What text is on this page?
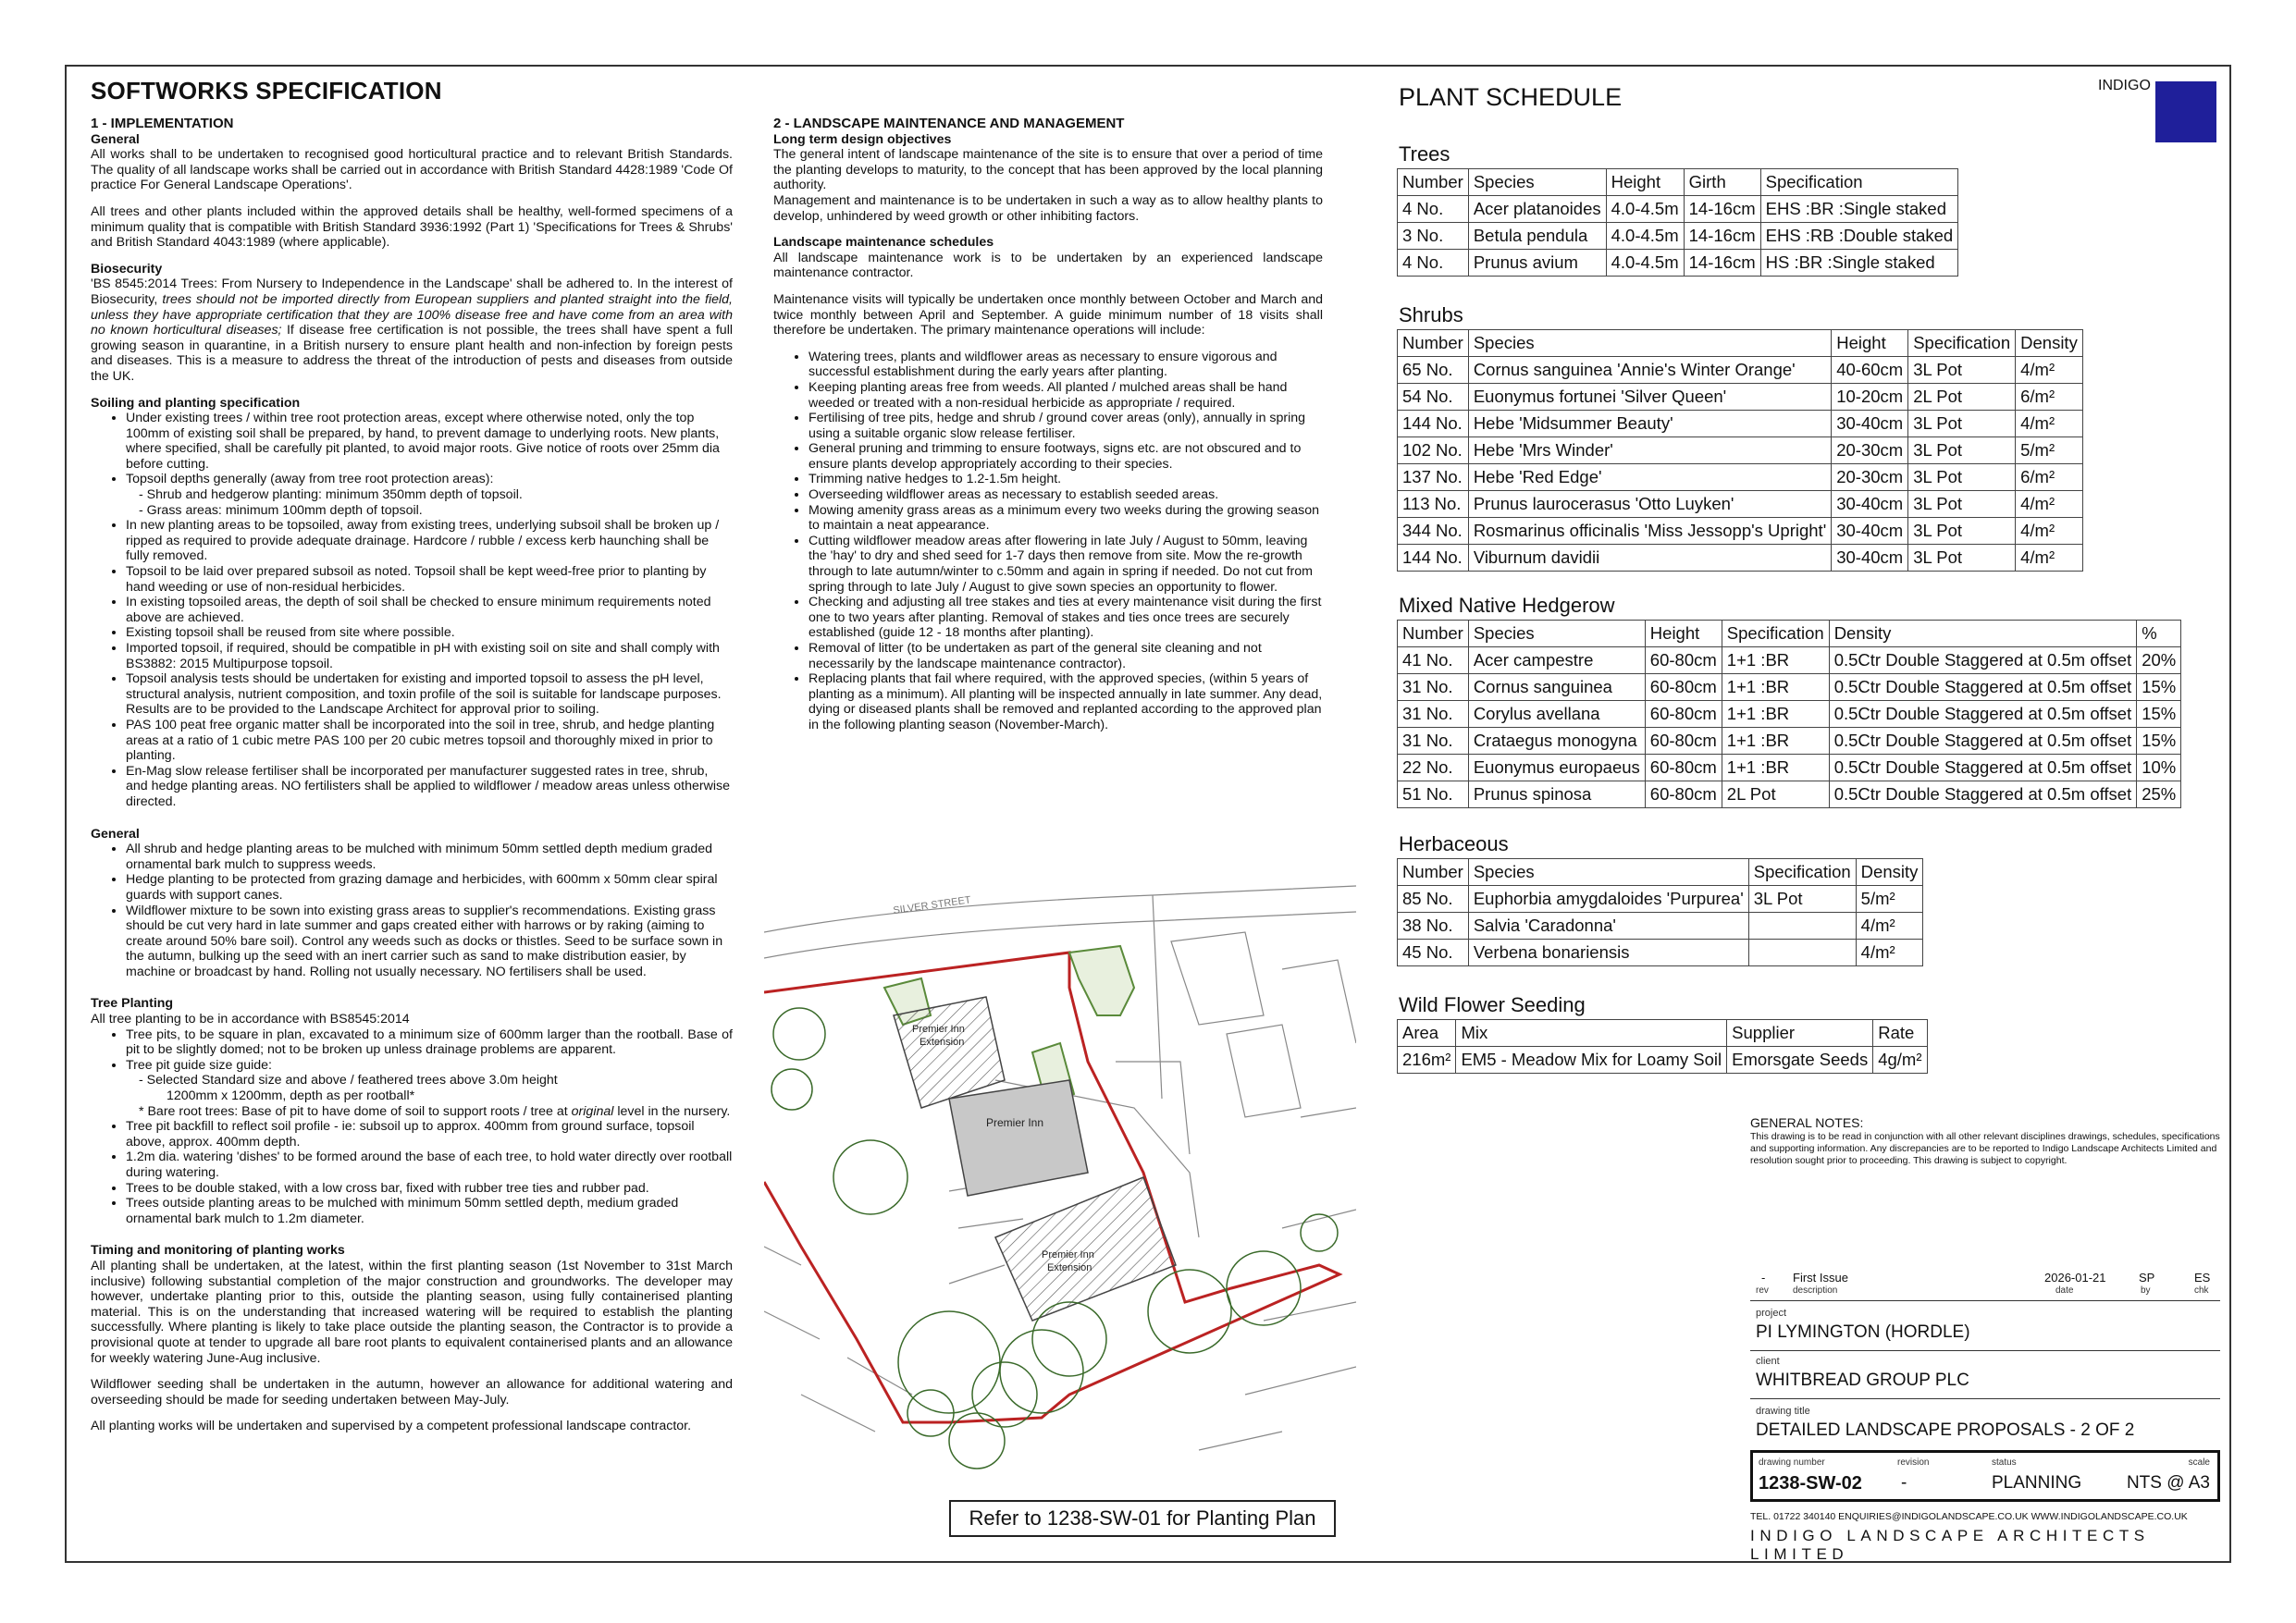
SOFTWORKS SPECIFICATION
1 - IMPLEMENTATION
General

All works shall to be undertaken to recognised good horticultural practice and to relevant British Standards. The quality of all landscape works shall be carried out in accordance with British Standard 4428:1989 'Code Of practice For General Landscape Operations'.

All trees and other plants included within the approved details shall be healthy, well-formed specimens of a minimum quality that is compatible with British Standard 3936:1992 (Part 1) 'Specifications for Trees & Shrubs' and British Standard 4043:1989 (where applicable).

Biosecurity

'BS 8545:2014 Trees: From Nursery to Independence in the Landscape' shall be adhered to. In the interest of Biosecurity, trees should not be imported directly from European suppliers and planted straight into the field, unless they have appropriate certification that they are 100% disease free and have come from an area with no known horticultural diseases; If disease free certification is not possible, the trees shall have spent a full growing season in quarantine, in a British nursery to ensure plant health and non-infection by foreign pests and diseases. This is a measure to address the threat of the introduction of pests and diseases from outside the UK.

Soiling and planting specification
• Under existing trees / within tree root protection areas, except where otherwise noted, only the top 100mm of existing soil shall be prepared, by hand, to prevent damage to underlying roots. New plants, where specified, shall be carefully pit planted, to avoid major roots. Give notice of roots over 25mm dia before cutting.
• Topsoil depths generally (away from tree root protection areas):
- Shrub and hedgerow planting: minimum 350mm depth of topsoil.
- Grass areas: minimum 100mm depth of topsoil.
• In new planting areas to be topsoiled, away from existing trees, underlying subsoil shall be broken up / ripped as required to provide adequate drainage. Hardcore / rubble / excess kerb haunching shall be fully removed.
• Topsoil to be laid over prepared subsoil as noted. Topsoil shall be kept weed-free prior to planting by hand weeding or use of non-residual herbicides.
• In existing topsoiled areas, the depth of soil shall be checked to ensure minimum requirements noted above are achieved.
• Existing topsoil shall be reused from site where possible.
• Imported topsoil, if required, should be compatible in pH with existing soil on site and shall comply with BS3882: 2015 Multipurpose topsoil.
• Topsoil analysis tests should be undertaken for existing and imported topsoil to assess the pH level, structural analysis, nutrient composition, and toxin profile of the soil is suitable for landscape purposes. Results are to be provided to the Landscape Architect for approval prior to soiling.
• PAS 100 peat free organic matter shall be incorporated into the soil in tree, shrub, and hedge planting areas at a ratio of 1 cubic metre PAS 100 per 20 cubic metres topsoil and thoroughly mixed in prior to planting.
• En-Mag slow release fertiliser shall be incorporated per manufacturer suggested rates in tree, shrub, and hedge planting areas. NO fertilisters shall be applied to wildflower / meadow areas unless otherwise directed.
General
• All shrub and hedge planting areas to be mulched with minimum 50mm settled depth medium graded ornamental bark mulch to suppress weeds.
• Hedge planting to be protected from grazing damage and herbicides, with 600mm x 50mm clear spiral guards with support canes.
• Wildflower mixture to be sown into existing grass areas to supplier's recommendations. Existing grass should be cut very hard in late summer and gaps created either with harrows or by raking (aiming to create around 50% bare soil). Control any weeds such as docks or thistles. Seed to be surface sown in the autumn, bulking up the seed with an inert carrier such as sand to make distribution easier, by machine or broadcast by hand. Rolling not usually necessary. NO fertilisers shall be used.
Tree Planting
All tree planting to be in accordance with BS8545:2014
• Tree pits, to be square in plan, excavated to a minimum size of 600mm larger than the rootball. Base of pit to be slightly domed; not to be broken up unless drainage problems are apparent.
• Tree pit guide size guide:
- Selected Standard size and above / feathered trees above 3.0m height
1200mm x 1200mm, depth as per rootball*
* Bare root trees: Base of pit to have dome of soil to support roots / tree at original level in the nursery.
• Tree pit backfill to reflect soil profile - ie: subsoil up to approx. 400mm from ground surface, topsoil above, approx. 400mm depth.
• 1.2m dia. watering 'dishes' to be formed around the base of each tree, to hold water directly over rootball during watering.
• Trees to be double staked, with a low cross bar, fixed with rubber tree ties and rubber pad.
• Trees outside planting areas to be mulched with minimum 50mm settled depth, medium graded ornamental bark mulch to 1.2m diameter.
Timing and monitoring of planting works

All planting shall be undertaken, at the latest, within the first planting season (1st November to 31st March inclusive) following substantial completion of the major construction and groundworks. The developer may however, undertake planting prior to this, outside the planting season, using fully containerised planting material. This is on the understanding that increased watering will be required to establish the planting successfully. Where planting is likely to take place outside the planting season, the Contractor is to provide a provisional quote at tender to upgrade all bare root plants to equivalent containerised plants and an allowance for weekly watering June-Aug inclusive.

Wildflower seeding shall be undertaken in the autumn, however an allowance for additional watering and overseeding should be made for seeding undertaken between May-July.

All planting works will be undertaken and supervised by a competent professional landscape contractor.

2 - LANDSCAPE MAINTENANCE AND MANAGEMENT
Long term design objectives

The general intent of landscape maintenance of the site is to ensure that over a period of time the planting develops to maturity, to the concept that has been approved by the local planning authority.

Management and maintenance is to be undertaken in such a way as to allow healthy plants to develop, unhindered by weed growth or other inhibiting factors.

Landscape maintenance schedules

All landscape maintenance work is to be undertaken by an experienced landscape maintenance contractor.

Maintenance visits will typically be undertaken once monthly between October and March and twice monthly between April and September. A guide minimum number of 18 visits shall therefore be undertaken. The primary maintenance operations will include:

• Watering trees, plants and wildflower areas as necessary to ensure vigorous and successful establishment during the early years after planting.
• Keeping planting areas free from weeds. All planted / mulched areas shall be hand weeded or treated with a non-residual herbicide as appropriate / required.
• Fertilising of tree pits, hedge and shrub / ground cover areas (only), annually in spring using a suitable organic slow release fertiliser.
• General pruning and trimming to ensure footways, signs etc. are not obscured and to ensure plants develop appropriately according to their species.
• Trimming native hedges to 1.2-1.5m height.
• Overseeding wildflower areas as necessary to establish seeded areas.
• Mowing amenity grass areas as a minimum every two weeks during the growing season to maintain a neat appearance.
• Cutting wildflower meadow areas after flowering in late July / August to 50mm, leaving the 'hay' to dry and shed seed for 1-7 days then remove from site. Mow the re-growth through to late autumn/winter to c.50mm and again in spring if needed. Do not cut from spring through to late July / August to give sown species an opportunity to flower.
• Checking and adjusting all tree stakes and ties at every maintenance visit during the first one to two years after planting. Removal of stakes and ties once trees are securely established (guide 12 - 18 months after planting).
• Removal of litter (to be undertaken as part of the general site cleaning and not necessarily by the landscape maintenance contractor).
• Replacing plants that fail where required, with the approved species, (within 5 years of planting as a minimum). All planting will be inspected annually in late summer. Any dead, dying or diseased plants shall be removed and replanted according to the approved plan in the following planting season (November-March).
SILVER STREET
Premier Inn
Extension
Premier Inn
Premier Inn
Extension
Refer to 1238-SW-01 for Planting Plan
PLANT SCHEDULE	INDIGO
Trees
Number	Species	Height	Girth	Specification
4 No.	Acer platanoides	4.0-4.5m	14-16cm	EHS :BR :Single staked
3 No.	Betula pendula	4.0-4.5m	14-16cm	EHS :RB :Double staked
4 No.	Prunus avium	4.0-4.5m	14-16cm	HS :BR :Single staked
Shrubs
Number	Species	Height	Specification	Density
65 No.	Cornus sanguinea 'Annie's Winter Orange'	40-60cm	3L Pot	4/m²
54 No.	Euonymus fortunei 'Silver Queen'	10-20cm	2L Pot	6/m²
144 No.	Hebe 'Midsummer Beauty'	30-40cm	3L Pot	4/m²
102 No.	Hebe 'Mrs Winder'	20-30cm	3L Pot	5/m²
137 No.	Hebe 'Red Edge'	20-30cm	3L Pot	6/m²
113 No.	Prunus laurocerasus 'Otto Luyken'	30-40cm	3L Pot	4/m²
344 No.	Rosmarinus officinalis 'Miss Jessopp's Upright'	30-40cm	3L Pot	4/m²
144 No.	Viburnum davidii	30-40cm	3L Pot	4/m²
Mixed Native Hedgerow
Number	Species	Height	Specification	Density	%
41 No.	Acer campestre	60-80cm	1+1 :BR	0.5Ctr Double Staggered at 0.5m offset	20%
31 No.	Cornus sanguinea	60-80cm	1+1 :BR	0.5Ctr Double Staggered at 0.5m offset	15%
31 No.	Corylus avellana	60-80cm	1+1 :BR	0.5Ctr Double Staggered at 0.5m offset	15%
31 No.	Crataegus monogyna	60-80cm	1+1 :BR	0.5Ctr Double Staggered at 0.5m offset	15%
22 No.	Euonymus europaeus	60-80cm	1+1 :BR	0.5Ctr Double Staggered at 0.5m offset	10%
51 No.	Prunus spinosa	60-80cm	2L Pot	0.5Ctr Double Staggered at 0.5m offset	25%
Herbaceous
Number	Species	Specification	Density
85 No.	Euphorbia amygdaloides 'Purpurea'	3L Pot	5/m²
38 No.	Salvia 'Caradonna'		4/m²
45 No.	Verbena bonariensis		4/m²
Wild Flower Seeding
Area	Mix	Supplier	Rate
216m²	EM5 - Meadow Mix for Loamy Soil	Emorsgate Seeds	4g/m²
GENERAL NOTES:
This drawing is to be read in conjunction with all other relevant disciplines drawings, schedules, specifications and supporting information. Any discrepancies are to be reported to Indigo Landscape Architects Limited and resolution sought prior to proceeding. This drawing is subject to copyright.
-
rev
First Issue
description
2026-01-21
date
SP
by
ES
chk
project
PI LYMINGTON (HORDLE)
client
WHITBREAD GROUP PLC
drawing title
DETAILED LANDSCAPE PROPOSALS - 2 OF 2
drawing number
1238-SW-02
revision
-
status
PLANNING
scale
NTS @ A3
TEL. 01722 340140 ENQUIRIES@INDIGOLANDSCAPE.CO.UK WWW.INDIGOLANDSCAPE.CO.UK
INDIGO LANDSCAPE ARCHITECTS LIMITED
